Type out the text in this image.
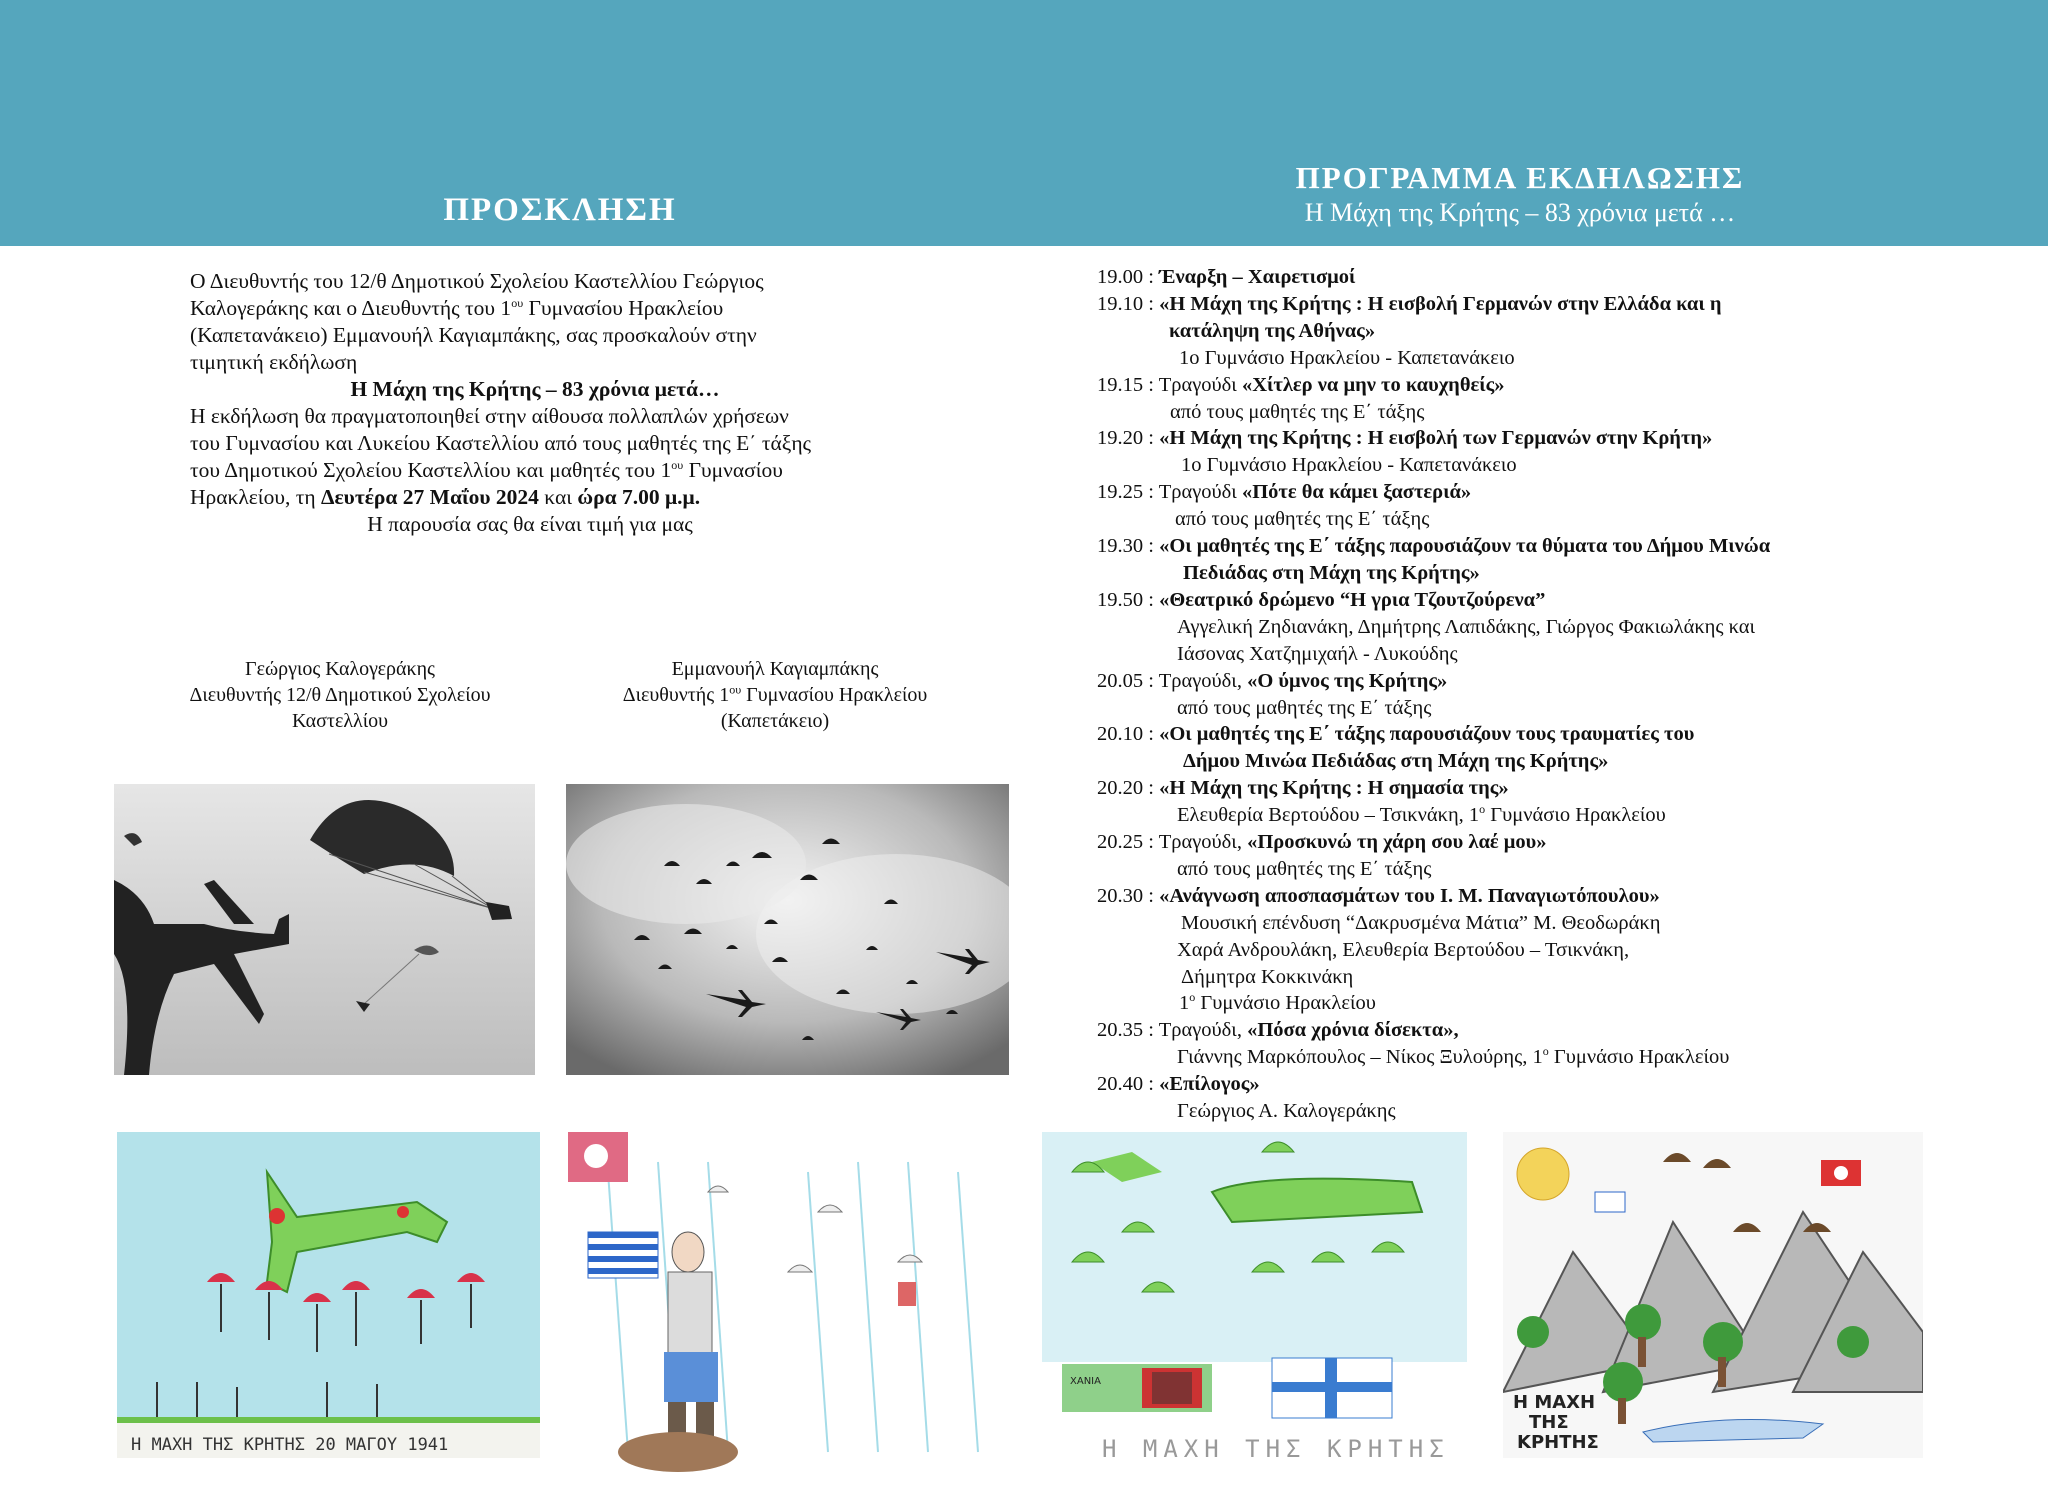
ΠΡΟΣΚΛΗΣΗ
ΠΡΟΓΡΑΜΜΑ ΕΚΔΗΛΩΣΗΣ
Η Μάχη της Κρήτης – 83 χρόνια μετά …

Ο Διευθυντής του 12/θ Δημοτικού Σχολείου Καστελλίου Γεώργιος

Καλογεράκης και ο Διευθυντής του $1^{o\upsilon}$ Γυμνασίου Ηρακλείου

(Καπετανάκειο) Εμμανουήλ Καγιαμπάκης, σας προσκαλούν στην

τιμητική εκδήλωση

Η Μάχη της Κρήτης – 83 χρόνια μετά…

Η εκδήλωση θα πραγματοποιηθεί στην αίθουσα πολλαπλών χρήσεων

του Γυμνασίου και Λυκείου Καστελλίου από τους μαθητές της Ε΄ τάξης

του Δημοτικού Σχολείου Καστελλίου και μαθητές του $1^{o\upsilon}$ Γυμνασίου

Ηρακλείου, τη Δευτέρα 27 Μαΐου 2024 και ώρα 7.00 μ.μ.

Η παρουσία σας θα είναι τιμή για μας

Γεώργιος Καλογεράκης
Διευθυντής 12/θ Δημοτικού Σχολείου
Καστελλίου
Εμμανουήλ Καγιαμπάκης
Διευθυντής $1^{o\upsilon}$ Γυμνασίου Ηρακλείου
(Καπετάκειο)
19.00 : Έναρξη – Χαιρετισμοί
19.10 : «Η Μάχη της Κρήτης : Η εισβολή Γερμανών στην Ελλάδα και η
κατάληψη της Αθήνας»
1ο Γυμνάσιο Ηρακλείου - Καπετανάκειο
19.15 : Τραγούδι «Χίτλερ να μην το καυχηθείς»
από τους μαθητές της Ε΄ τάξης
19.20 : «Η Μάχη της Κρήτης : Η εισβολή των Γερμανών στην Κρήτη»
1ο Γυμνάσιο Ηρακλείου - Καπετανάκειο
19.25 : Τραγούδι «Πότε θα κάμει ξαστεριά»
από τους μαθητές της Ε΄ τάξης
19.30 : «Οι μαθητές της Ε΄ τάξης παρουσιάζουν τα θύματα του Δήμου Μινώα
Πεδιάδας στη Μάχη της Κρήτης»
19.50 : «Θεατρικό δρώμενο “Η γρια Τζουτζούρενα”
Αγγελική Ζηδιανάκη, Δημήτρης Λαπιδάκης, Γιώργος Φακιωλάκης και
Ιάσονας Χατζημιχαήλ - Λυκούδης
20.05 : Τραγούδι, «Ο ύμνος της Κρήτης»
από τους μαθητές της Ε΄ τάξης
20.10 : «Οι μαθητές της Ε΄ τάξης παρουσιάζουν τους τραυματίες του
Δήμου Μινώα Πεδιάδας στη Μάχη της Κρήτης»
20.20 : «Η Μάχη της Κρήτης : Η σημασία της»
Ελευθερία Βερτούδου – Τσικνάκη, $1^o$ Γυμνάσιο Ηρακλείου
20.25 : Τραγούδι, «Προσκυνώ τη χάρη σου λαέ μου»
από τους μαθητές της Ε΄ τάξης
20.30 : «Ανάγνωση αποσπασμάτων του Ι. Μ. Παναγιωτόπουλου»
Μουσική επένδυση “Δακρυσμένα Μάτια” Μ. Θεοδωράκη
Χαρά Ανδρουλάκη, Ελευθερία Βερτούδου – Τσικνάκη,
Δήμητρα Κοκκινάκη
$1^o$ Γυμνάσιο Ηρακλείου
20.35 : Τραγούδι, «Πόσα χρόνια δίσεκτα»,
Γιάννης Μαρκόπουλος – Νίκος Ξυλούρης, $1^o$ Γυμνάσιο Ηρακλείου
20.40 : «Επίλογος»
Γεώργιος Α. Καλογεράκης
Η ΜΑΧΗ ΤΗΣ ΚΡΗΤΗΣ 20 ΜΑΓΟΥ 1941
ΧΑΝΙΑ
Η ΜΑΧΗ ΤΗΣ ΚΡΗΤΗΣ
Η ΜΑΧΗ
ΤΗΣ
ΚΡΗΤΗΣ
